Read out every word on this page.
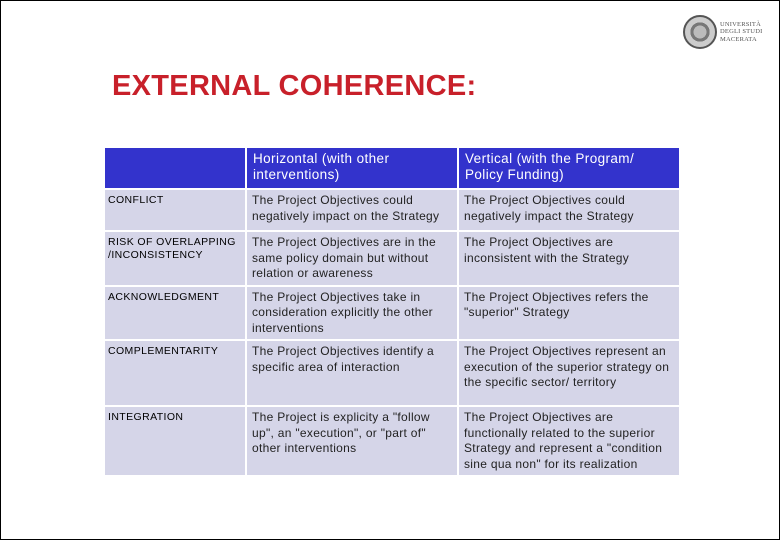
UNIVERSITÀ
DEGLI STUDI
MACERATA
EXTERNAL COHERENCE:
	Horizontal (with other interventions)	Vertical (with the Program/ Policy Funding)
CONFLICT	The Project Objectives could negatively impact on the Strategy	The Project Objectives could negatively impact the Strategy
RISK OF OVERLAPPING /INCONSISTENCY	The Project Objectives are in the same policy domain but without relation or awareness	The Project Objectives are inconsistent with the Strategy
ACKNOWLEDGMENT	The Project Objectives take in consideration explicitly the other interventions	The Project Objectives refers the "superior" Strategy
COMPLEMENTARITY	The Project Objectives identify a specific area of interaction	The Project Objectives represent an execution of the superior strategy on the specific sector/ territory
INTEGRATION	The Project is explicity a "follow up", an "execution", or "part of" other interventions	The Project Objectives are functionally related to the superior Strategy and represent a "condition sine qua non" for its realization
